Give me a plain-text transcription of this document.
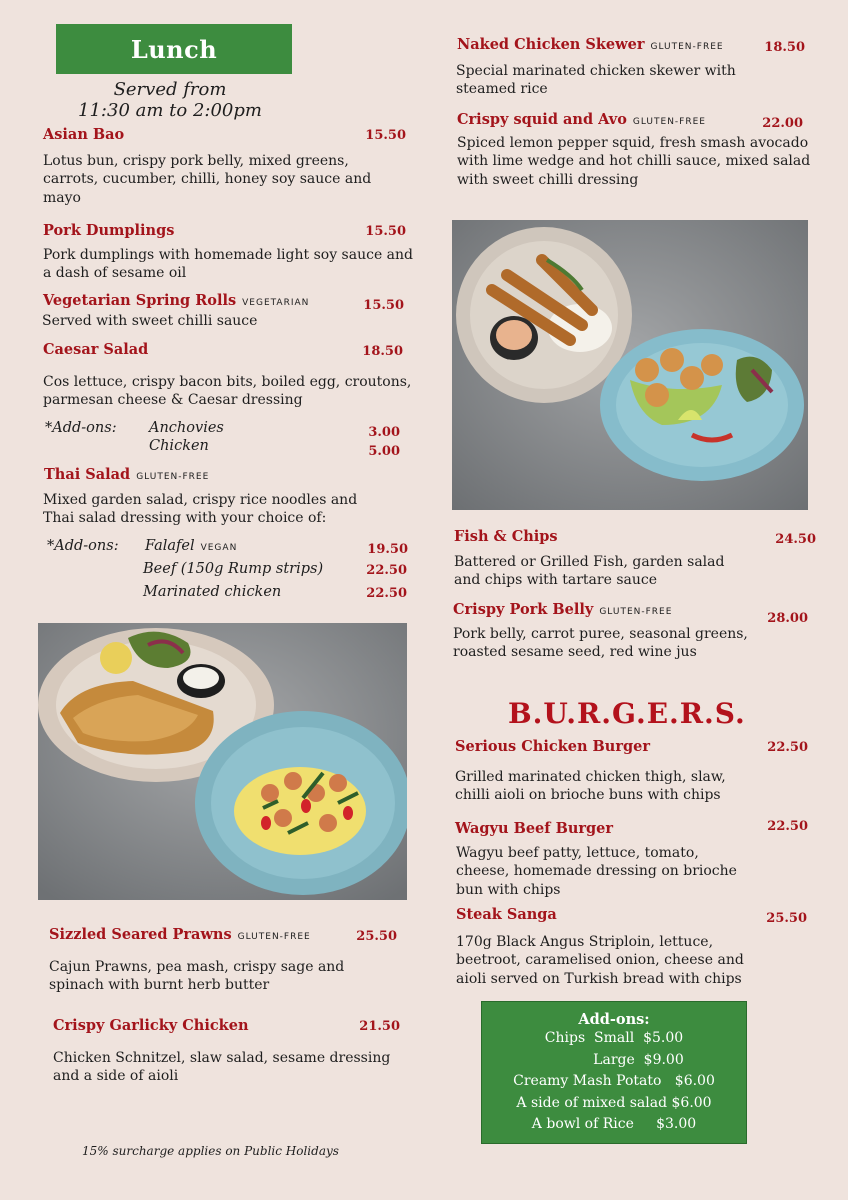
Lunch
Served from
11:30 am to 2:00pm
Asian Bao	15.50
Lotus bun, crispy pork belly, mixed greens, carrots, cucumber, chilli, honey soy sauce and mayo
Pork Dumplings	15.50
Pork dumplings with homemade light soy sauce and a dash of sesame oil
Vegetarian Spring Rolls VEGETARIAN	15.50
Served with sweet chilli sauce
Caesar Salad	18.50
Cos lettuce, crispy bacon bits, boiled egg, croutons, parmesan cheese & Caesar dressing
*Add-ons: Anchovies	3.00
Chicken	5.00
Thai Salad GLUTEN-FREE
Mixed garden salad, crispy rice noodles and Thai salad dressing with your choice of:
*Add-ons: Falafel VEGAN	19.50
Beef (150g Rump strips)	22.50
Marinated chicken	22.50
Sizzled Seared Prawns GLUTEN-FREE	25.50
Cajun Prawns, pea mash, crispy sage and spinach with burnt herb butter
Crispy Garlicky Chicken	21.50
Chicken Schnitzel, slaw salad, sesame dressing and a side of aioli
15% surcharge applies on Public Holidays
Naked Chicken Skewer GLUTEN-FREE	18.50
Special marinated chicken skewer with steamed rice
Crispy squid and Avo GLUTEN-FREE	22.00
Spiced lemon pepper squid, fresh smash avocado with lime wedge and hot chilli sauce, mixed salad with sweet chilli dressing
Fish & Chips	24.50
Battered or Grilled Fish, garden salad and chips with tartare sauce
Crispy Pork Belly GLUTEN-FREE	28.00
Pork belly, carrot puree, seasonal greens, roasted sesame seed, red wine jus
B.U.R.G.E.R.S.
Serious Chicken Burger	22.50
Grilled marinated chicken thigh, slaw, chilli aioli on brioche buns with chips
Wagyu Beef Burger	22.50
Wagyu beef patty, lettuce, tomato, cheese, homemade dressing on brioche bun with chips
Steak Sanga	25.50
170g Black Angus Striploin, lettuce, beetroot, caramelised onion, cheese and aioli served on Turkish bread with chips
Add-ons:
Chips  Small  $5.00
Large  $9.00
Creamy Mash Potato   $6.00
A side of mixed salad $6.00
A bowl of Rice     $3.00
